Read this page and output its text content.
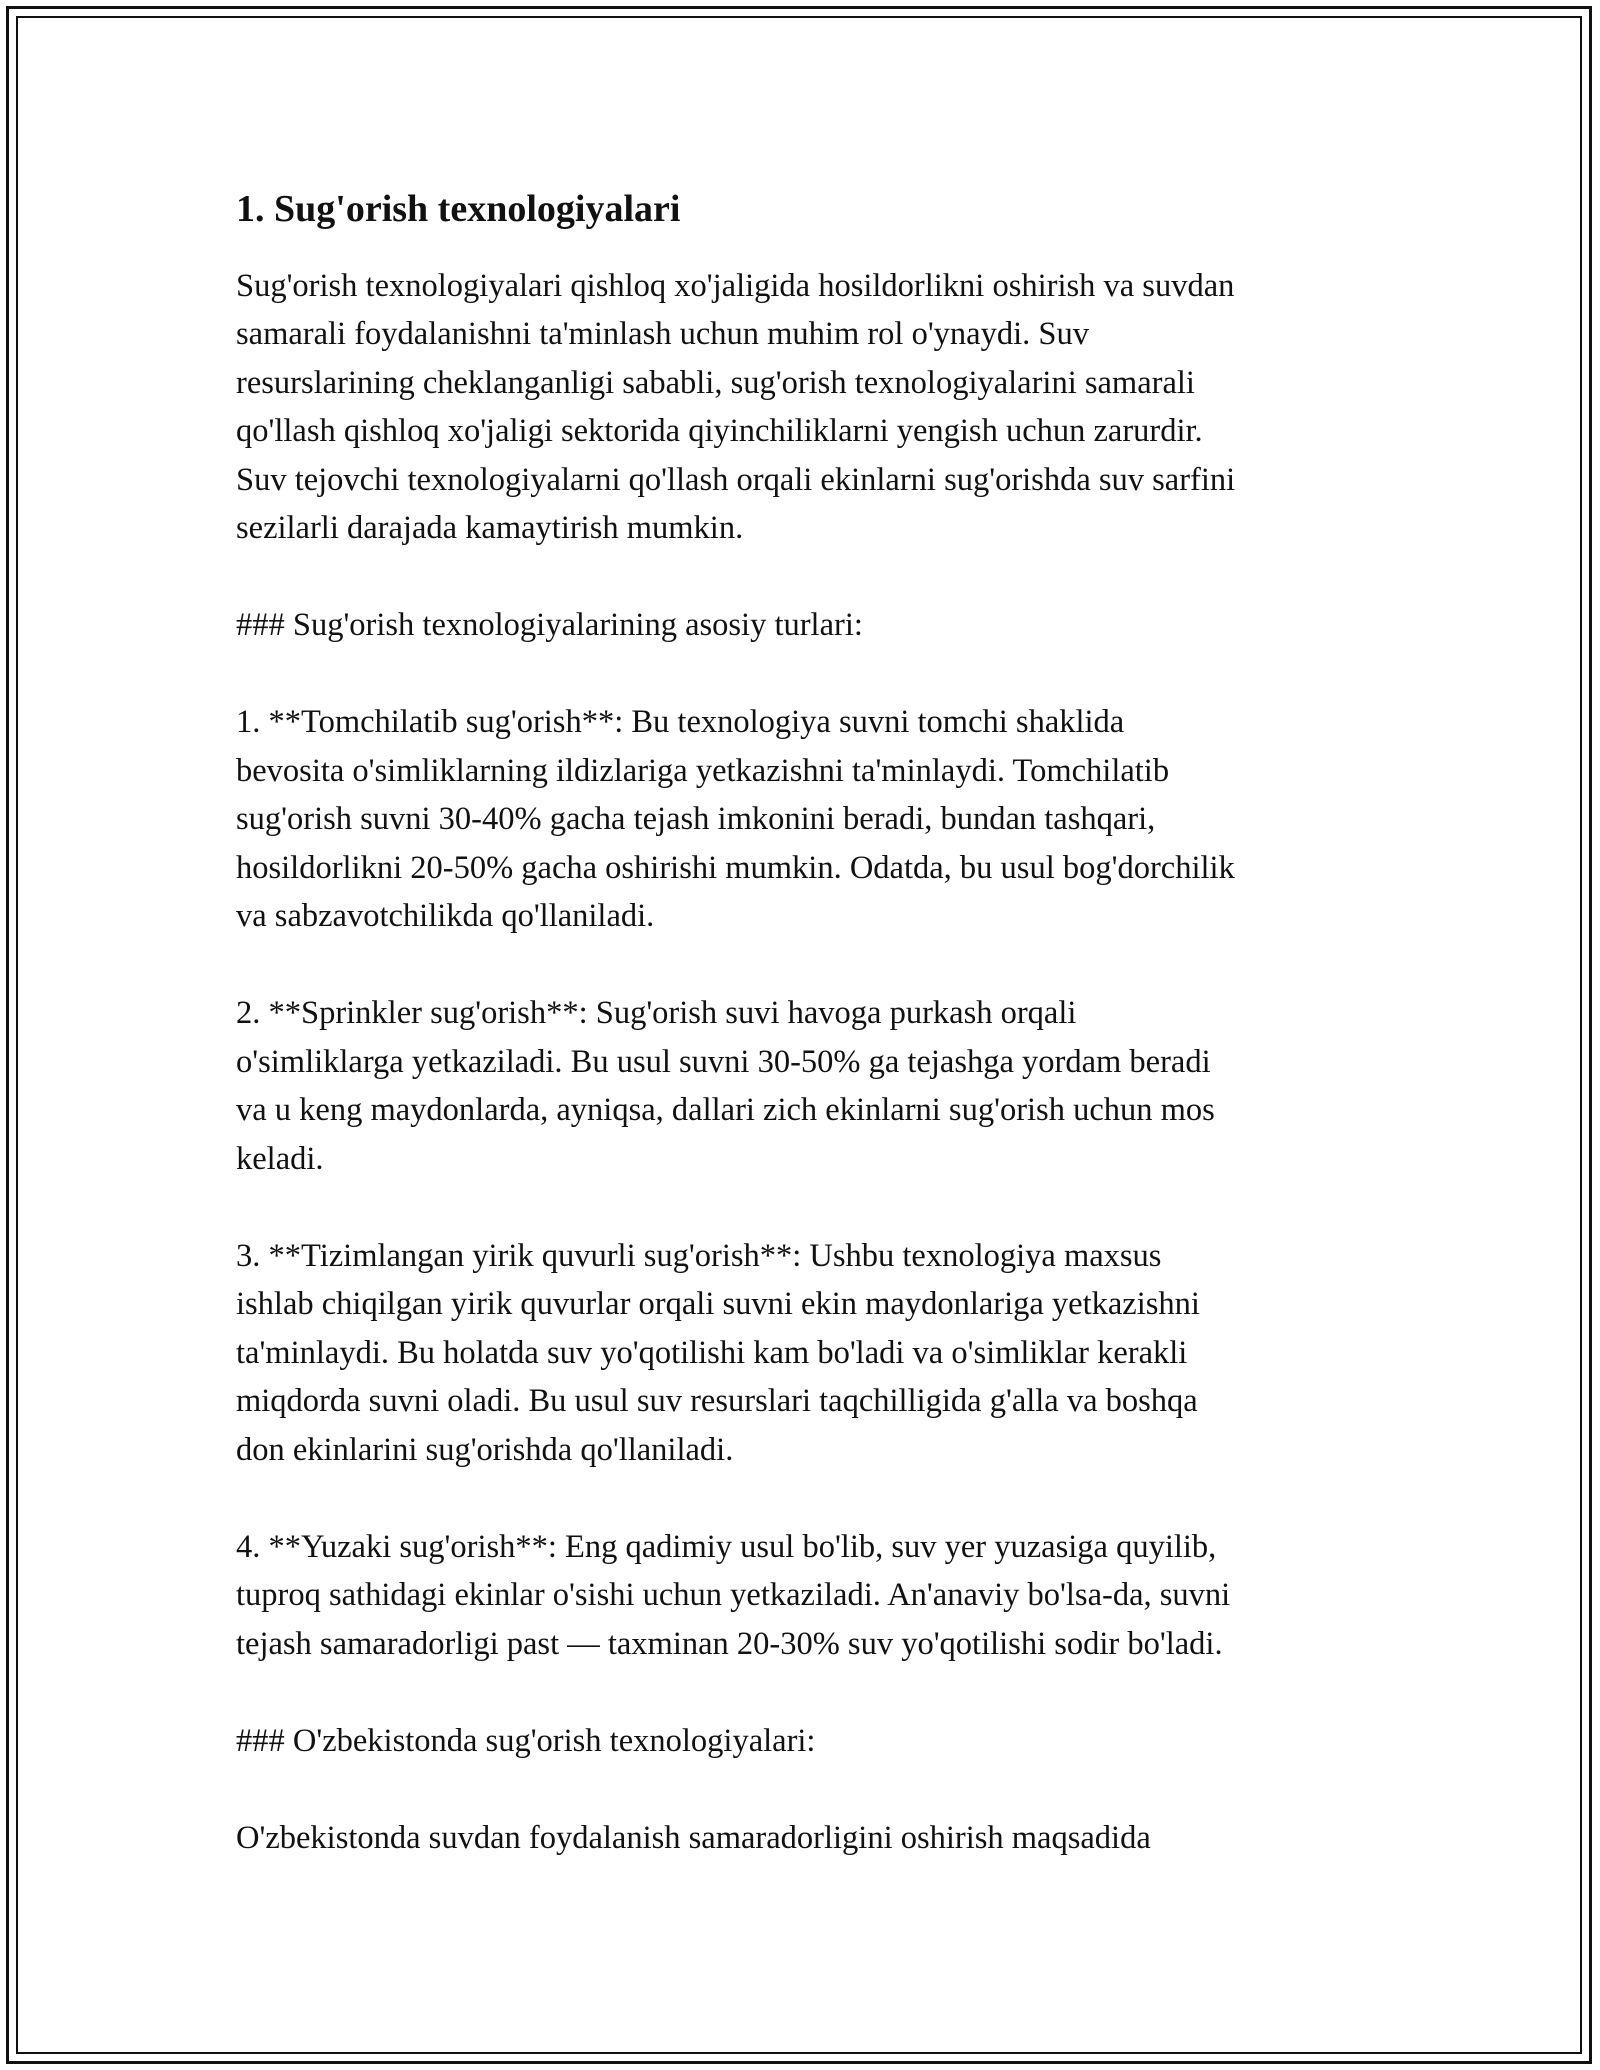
1. Sug'orish texnologiyalari

Sug'orish texnologiyalari qishloq xo'jaligida hosildorlikni oshirish va suvdan
samarali foydalanishni ta'minlash uchun muhim rol o'ynaydi. Suv
resurslarining cheklanganligi sababli, sug'orish texnologiyalarini samarali
qo'llash qishloq xo'jaligi sektorida qiyinchiliklarni yengish uchun zarurdir.
Suv tejovchi texnologiyalarni qo'llash orqali ekinlarni sug'orishda suv sarfini
sezilarli darajada kamaytirish mumkin.

### Sug'orish texnologiyalarining asosiy turlari:

1. **Tomchilatib sug'orish**: Bu texnologiya suvni tomchi shaklida
bevosita o'simliklarning ildizlariga yetkazishni ta'minlaydi. Tomchilatib
sug'orish suvni 30-40% gacha tejash imkonini beradi, bundan tashqari,
hosildorlikni 20-50% gacha oshirishi mumkin. Odatda, bu usul bog'dorchilik
va sabzavotchilikda qo'llaniladi.

2. **Sprinkler sug'orish**: Sug'orish suvi havoga purkash orqali
o'simliklarga yetkaziladi. Bu usul suvni 30-50% ga tejashga yordam beradi
va u keng maydonlarda, ayniqsa, dallari zich ekinlarni sug'orish uchun mos
keladi.

3. **Tizimlangan yirik quvurli sug'orish**: Ushbu texnologiya maxsus
ishlab chiqilgan yirik quvurlar orqali suvni ekin maydonlariga yetkazishni
ta'minlaydi. Bu holatda suv yo'qotilishi kam bo'ladi va o'simliklar kerakli
miqdorda suvni oladi. Bu usul suv resurslari taqchilligida g'alla va boshqa
don ekinlarini sug'orishda qo'llaniladi.

4. **Yuzaki sug'orish**: Eng qadimiy usul bo'lib, suv yer yuzasiga quyilib,
tuproq sathidagi ekinlar o'sishi uchun yetkaziladi. An'anaviy bo'lsa-da, suvni
tejash samaradorligi past — taxminan 20-30% suv yo'qotilishi sodir bo'ladi.

### O'zbekistonda sug'orish texnologiyalari:

O'zbekistonda suvdan foydalanish samaradorligini oshirish maqsadida
